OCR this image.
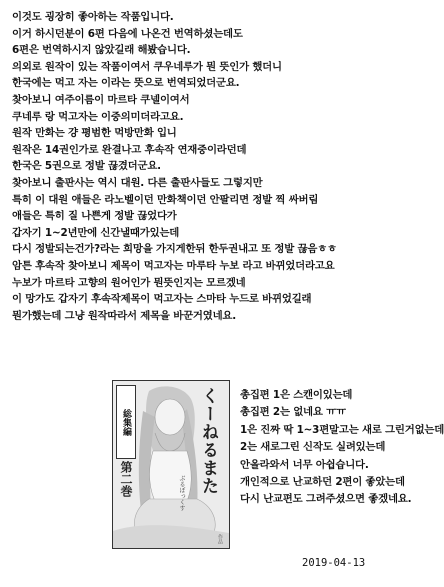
이것도 굉장히 좋아하는 작품입니다.
이거 하시던분이 6편 다음에 나온건 번역하셨는데도
6편은 번역하시지 않았길래 해봤습니다.
의외로 원작이 있는 작품이여서 쿠우네루가 뭔 뜻인가 했더니
한국에는 먹고 자는 이라는 뜻으로 번역되었더군요.
찾아보니 여주이름이 마르타 쿠넬이여서
쿠네루 랑 먹고자는 이중의미더라고요.
원작 만화는 걍 평범한 먹방만화 입니
원작은 14권인가로 완결나고 후속작 연재중이라던데
한국은 5권으로 정발 끊겼더군요.
찾아보니 출판사는 역시 대원. 다른 출판사들도 그렇지만
특히 이 대원 애들은 라노벨이던 만화책이던 안팔리면 정발 찍 싸버림
애들은 특히 질 나쁜게 정발 끊었다가
갑자기 1~2년만에 신간낼때가있는데
다시 정발되는건가?라는 희망을 가지게한뒤 한두권내고 또 정발 끊음ㅎㅎ
암튼 후속작 찾아보니 제목이 먹고자는 마루타 누보 라고 바뀌었더라고요
누보가 마르타 고향의 원어인가 뭔뜻인지는 모르겠네
이 망가도 갑자기 후속작제목이 먹고자는 스마타 누드로 바뀌었길래
뭔가했는데 그냥 원작따라서 제목을 바꾼거였네요.
総集編
第二巻	くーねるまた
ぶるぼっくす
作品
총집편 1은 스캔이있는데
총집편 2는 없네요 ㅠㅠ
1은 진짜 딱 1~3편말고는 새로 그린거없는데
2는 새로그린 신작도 실려있는데
안올라와서 너무 아쉽습니다.
개인적으로 난교하던 2편이 좋았는데
다시 난교편도 그려주셨으면 좋겠네요.
2019-04-13
